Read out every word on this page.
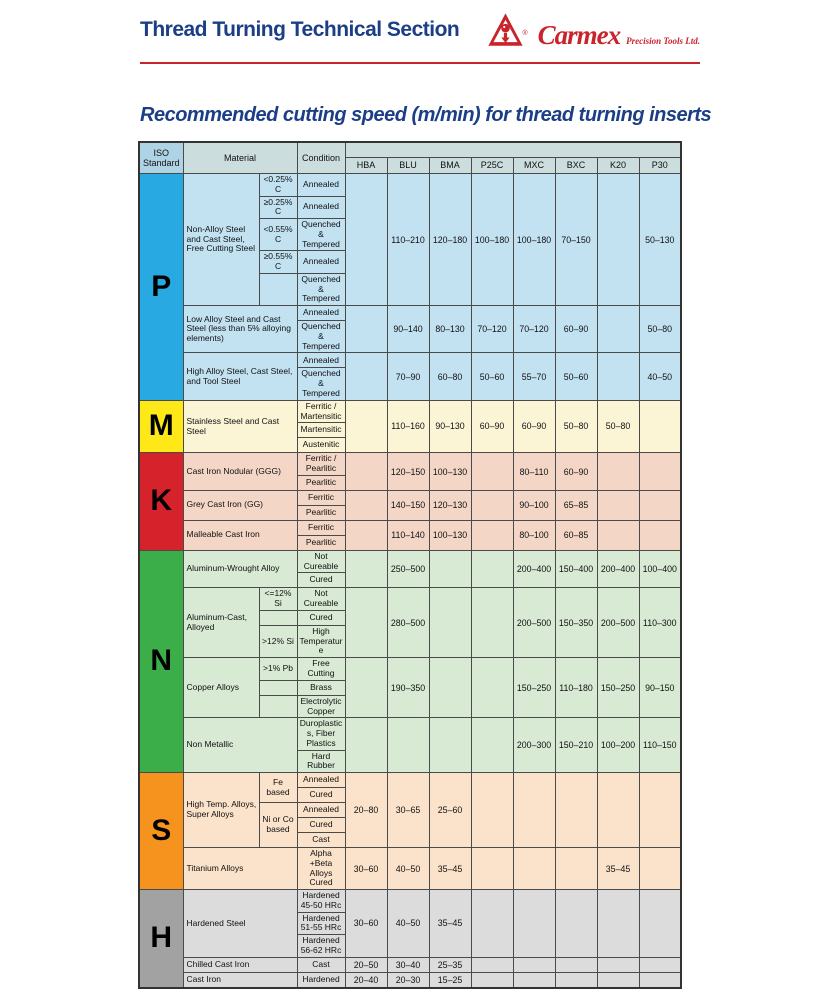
Thread Turning Technical Section	® Carmex Precision Tools Ltd.
Recommended cutting speed (m/min) for thread turning inserts
ISO Standard	Material		Condition								
				HBA	BLU	BMA	P25C	MXC	BXC	K20	P30
P	Non-Alloy Steel and Cast Steel, Free Cutting Steel	<0.25%C	Annealed		110–210	120–180	100–180	100–180	70–150		50–130
		≥0.25%C	Annealed								
		<0.55%C	Quenched & Tempered								
		≥0.55%C	Annealed								
			Quenched & Tempered								
	Low Alloy Steel and Cast Steel (less than 5% alloying elements)		Annealed		90–140	80–130	70–120	70–120	60–90		50–80
			Quenched & Tempered								
	High Alloy Steel, Cast Steel, and Tool Steel		Annealed		70–90	60–80	50–60	55–70	50–60		40–50
			Quenched & Tempered								
M	Stainless Steel and Cast Steel		Ferritic / Martensitic		110–160	90–130	60–90	60–90	50–80	50–80	
			Martensitic								
			Austenitic								
K	Cast Iron Nodular (GGG)		Ferritic / Pearlitic		120–150	100–130		80–110	60–90		
			Pearlitic								
	Grey Cast Iron (GG)		Ferritic		140–150	120–130		90–100	65–85		
			Pearlitic								
	Malleable Cast Iron		Ferritic		110–140	100–130		80–100	60–85		
			Pearlitic								
N	Aluminum-Wrought Alloy		Not Cureable		250–500			200–400	150–400	200–400	100–400
			Cured								
	Aluminum-Cast, Alloyed	<=12% Si	Not Cureable		280–500			200–500	150–350	200–500	110–300
			Cured								
		>12% Si	High Temperature								
	Copper Alloys	>1% Pb	Free Cutting		190–350			150–250	110–180	150–250	90–150
			Brass								
			Electrolytic Copper								
	Non Metallic		Duroplastics, Fiber Plastics					200–300	150–210	100–200	110–150
			Hard Rubber								
S	High Temp. Alloys, Super Alloys	Fe based	Annealed	20–80	30–65	25–60					
			Cured								
		Ni or Co based	Annealed								
			Cured								
			Cast								
	Titanium Alloys		Alpha +Beta Alloys Cured	30–60	40–50	35–45				35–45	
H	Hardened Steel		Hardened 45-50 HRc	30–60	40–50	35–45					
			Hardened 51-55 HRc								
			Hardened 56-62 HRc								
	Chilled Cast Iron		Cast	20–50	30–40	25–35					
	Cast Iron		Hardened	20–40	20–30	15–25					
